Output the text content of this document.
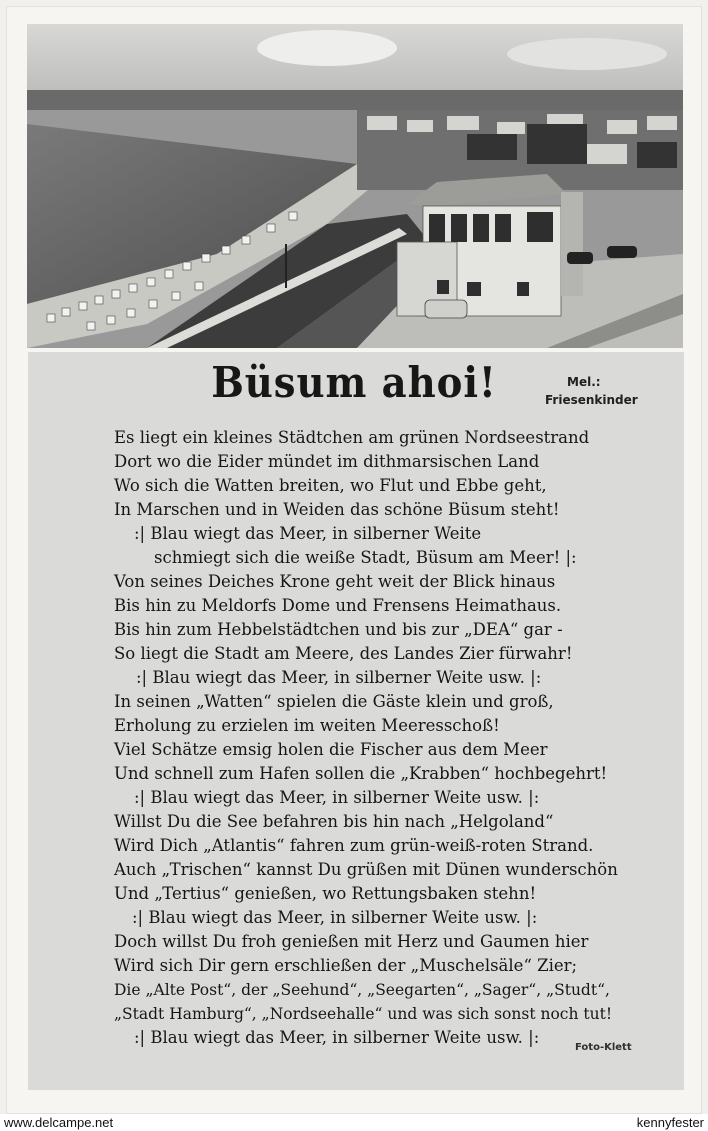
Büsum ahoi!	Mel.:
Friesenkinder
Es liegt ein kleines Städtchen am grünen Nordseestrand
Dort wo die Eider mündet im dithmarsischen Land
Wo sich die Watten breiten, wo Flut und Ebbe geht,
In Marschen und in Weiden das schöne Büsum steht!
:| Blau wiegt das Meer, in silberner Weite
schmiegt sich die weiße Stadt, Büsum am Meer! |:
Von seines Deiches Krone geht weit der Blick hinaus
Bis hin zu Meldorfs Dome und Frensens Heimathaus.
Bis hin zum Hebbelstädtchen und bis zur „DEA“ gar -
So liegt die Stadt am Meere, des Landes Zier fürwahr!
:| Blau wiegt das Meer, in silberner Weite usw. |:
In seinen „Watten“ spielen die Gäste klein und groß,
Erholung zu erzielen im weiten Meeresschoß!
Viel Schätze emsig holen die Fischer aus dem Meer
Und schnell zum Hafen sollen die „Krabben“ hochbegehrt!
:| Blau wiegt das Meer, in silberner Weite usw. |:
Willst Du die See befahren bis hin nach „Helgoland“
Wird Dich „Atlantis“ fahren zum grün-weiß-roten Strand.
Auch „Trischen“ kannst Du grüßen mit Dünen wunderschön
Und „Tertius“ genießen, wo Rettungsbaken stehn!
:| Blau wiegt das Meer, in silberner Weite usw. |:
Doch willst Du froh genießen mit Herz und Gaumen hier
Wird sich Dir gern erschließen der „Muschelsäle“ Zier;
Die „Alte Post“, der „Seehund“, „Seegarten“, „Sager“, „Studt“,
„Stadt Hamburg“, „Nordseehalle“ und was sich sonst noch tut!
:| Blau wiegt das Meer, in silberner Weite usw. |:
Foto-Klett
www.delcampe.net	kennyfester
